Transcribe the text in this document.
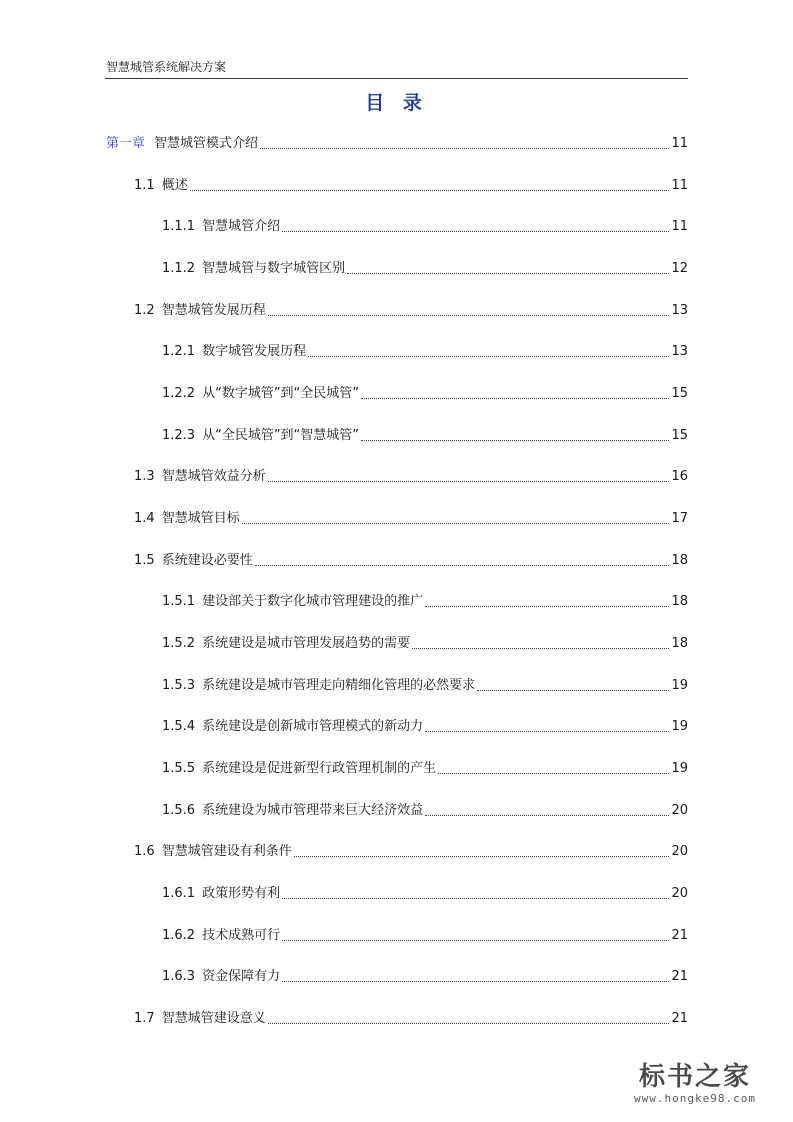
智慧城管系统解决方案
目 录
第一章 智慧城管模式介绍	11
1.1 概述	11
1.1.1 智慧城管介绍	11
1.1.2 智慧城管与数字城管区别	12
1.2 智慧城管发展历程	13
1.2.1 数字城管发展历程	13
1.2.2 从“数字城管”到“全民城管”	15
1.2.3 从“全民城管”到“智慧城管”	15
1.3 智慧城管效益分析	16
1.4 智慧城管目标	17
1.5 系统建设必要性	18
1.5.1 建设部关于数字化城市管理建设的推广	18
1.5.2 系统建设是城市管理发展趋势的需要	18
1.5.3 系统建设是城市管理走向精细化管理的必然要求	19
1.5.4 系统建设是创新城市管理模式的新动力	19
1.5.5 系统建设是促进新型行政管理机制的产生	19
1.5.6 系统建设为城市管理带来巨大经济效益	20
1.6 智慧城管建设有利条件	20
1.6.1 政策形势有利	20
1.6.2 技术成熟可行	21
1.6.3 资金保障有力	21
1.7 智慧城管建设意义	21
标书之家
www.hongke98.com
